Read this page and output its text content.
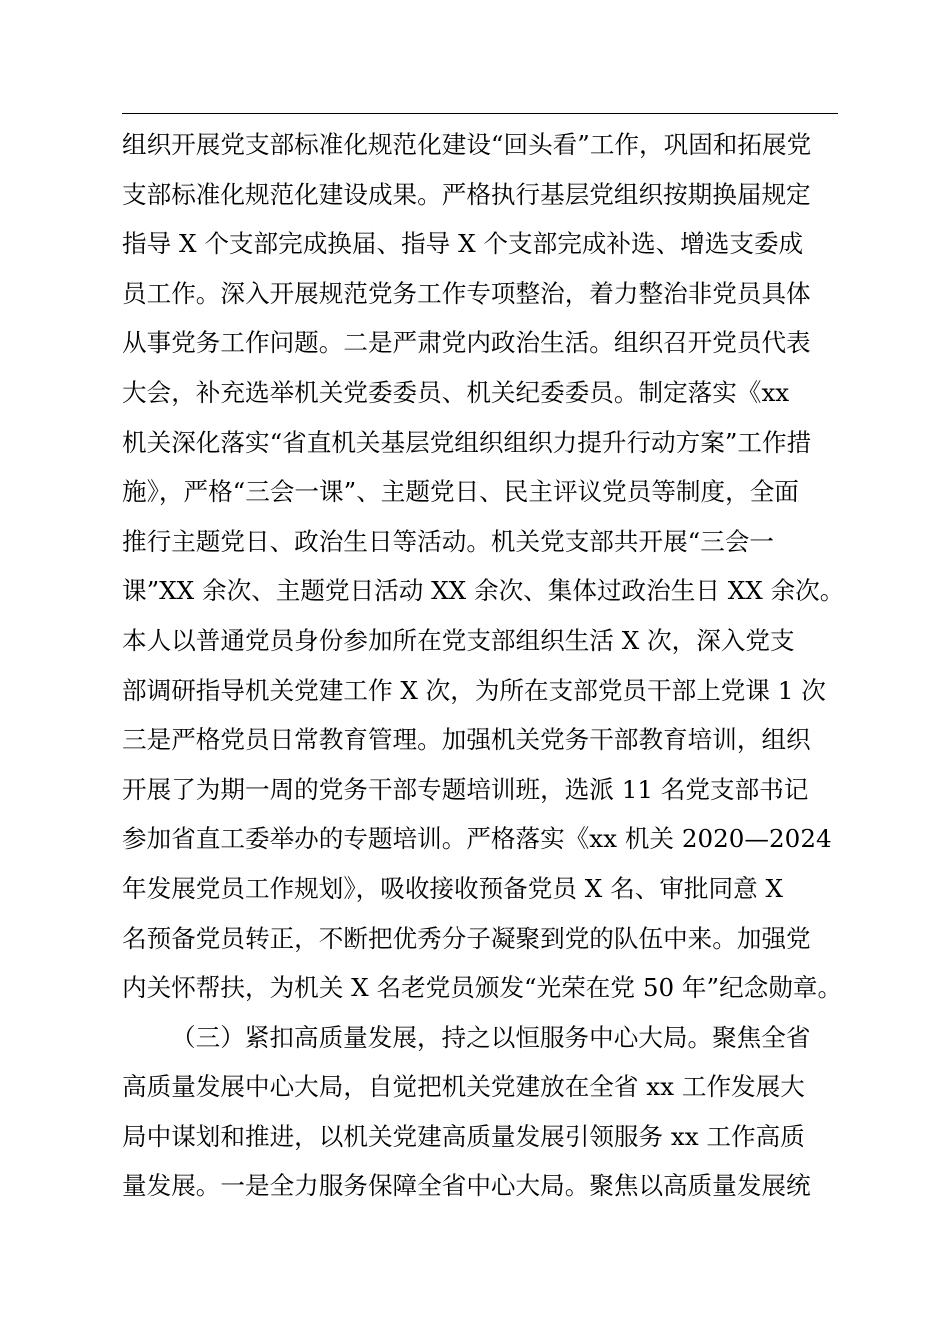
组织开展党支部标准化规范化建设“回头看”工作，巩固和拓展党
支部标准化规范化建设成果。严格执行基层党组织按期换届规定
指导 X 个支部完成换届、指导 X 个支部完成补选、增选支委成
员工作。深入开展规范党务工作专项整治，着力整治非党员具体
从事党务工作问题。二是严肃党内政治生活。组织召开党员代表
大会，补充选举机关党委委员、机关纪委委员。制定落实《xx
机关深化落实“省直机关基层党组织组织力提升行动方案”工作措
施》，严格“三会一课”、主题党日、民主评议党员等制度，全面
推行主题党日、政治生日等活动。机关党支部共开展“三会一
课”XX 余次、主题党日活动 XX 余次、集体过政治生日 XX 余次。
本人以普通党员身份参加所在党支部组织生活 X 次，深入党支
部调研指导机关党建工作 X 次，为所在支部党员干部上党课 1 次
三是严格党员日常教育管理。加强机关党务干部教育培训，组织
开展了为期一周的党务干部专题培训班，选派 11 名党支部书记
参加省直工委举办的专题培训。严格落实《xx 机关 2020—2024
年发展党员工作规划》，吸收接收预备党员 X 名、审批同意 X
名预备党员转正，不断把优秀分子凝聚到党的队伍中来。加强党
内关怀帮扶，为机关 X 名老党员颁发“光荣在党 50 年”纪念勋章。
（三）紧扣高质量发展，持之以恒服务中心大局。聚焦全省
高质量发展中心大局，自觉把机关党建放在全省 xx 工作发展大
局中谋划和推进，以机关党建高质量发展引领服务 xx 工作高质
量发展。一是全力服务保障全省中心大局。聚焦以高质量发展统
